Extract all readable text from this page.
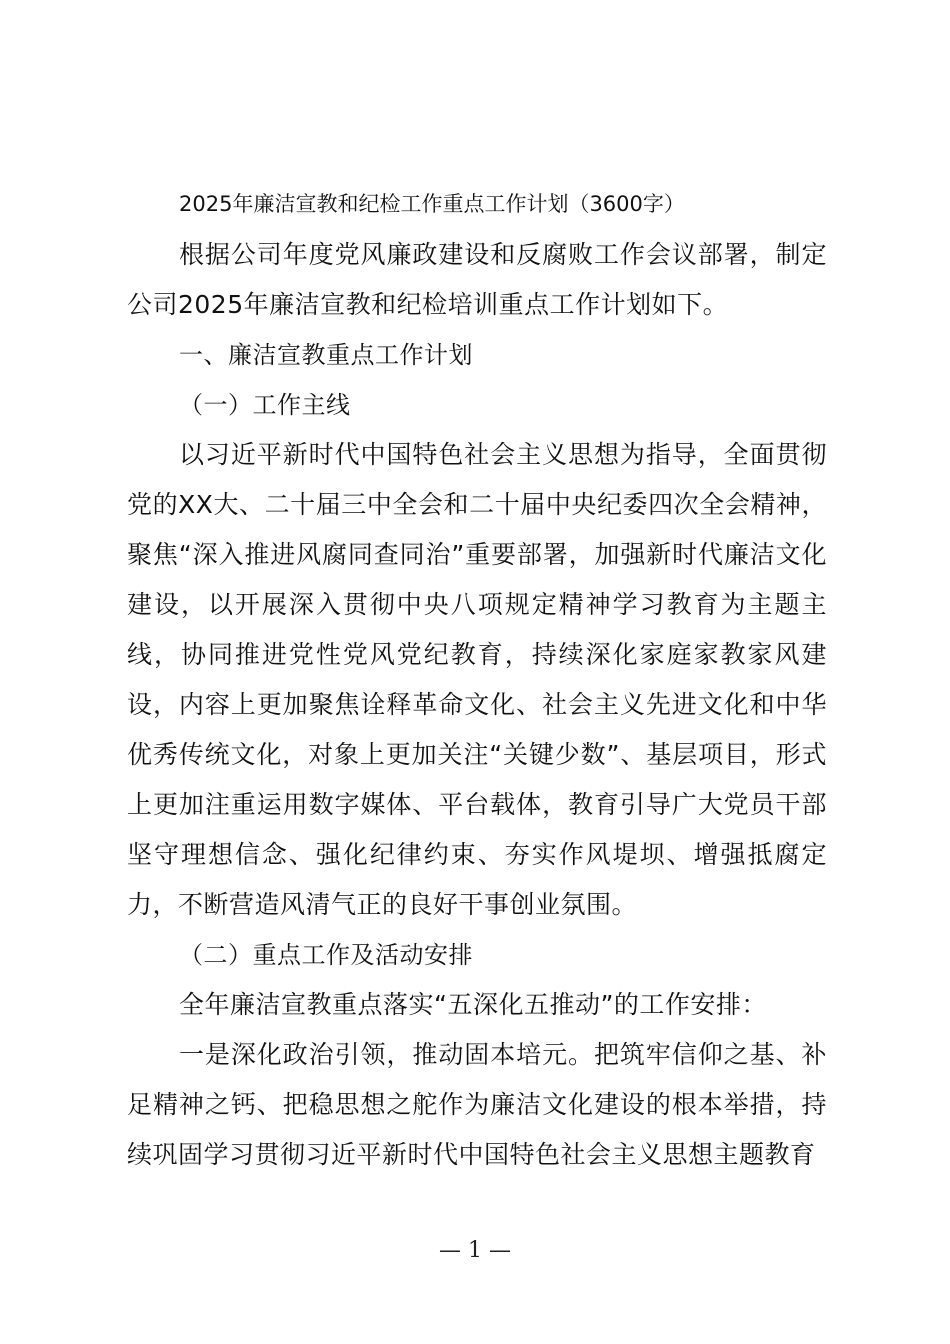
2025年廉洁宣教和纪检工作重点工作计划（3600字）

根据公司年度党风廉政建设和反腐败工作会议部署，制定公司2025年廉洁宣教和纪检培训重点工作计划如下。

一、廉洁宣教重点工作计划

（一）工作主线

以习近平新时代中国特色社会主义思想为指导，全面贯彻党的XX大、二十届三中全会和二十届中央纪委四次全会精神，聚焦“深入推进风腐同查同治”重要部署，加强新时代廉洁文化建设，以开展深入贯彻中央八项规定精神学习教育为主题主线，协同推进党性党风党纪教育，持续深化家庭家教家风建设，内容上更加聚焦诠释革命文化、社会主义先进文化和中华优秀传统文化，对象上更加关注“关键少数”、基层项目，形式上更加注重运用数字媒体、平台载体，教育引导广大党员干部坚守理想信念、强化纪律约束、夯实作风堤坝、增强抵腐定力，不断营造风清气正的良好干事创业氛围。

（二）重点工作及活动安排

全年廉洁宣教重点落实“五深化五推动”的工作安排：

一是深化政治引领，推动固本培元。把筑牢信仰之基、补足精神之钙、把稳思想之舵作为廉洁文化建设的根本举措，持续巩固学习贯彻习近平新时代中国特色社会主义思想主题教育

— 1 —
